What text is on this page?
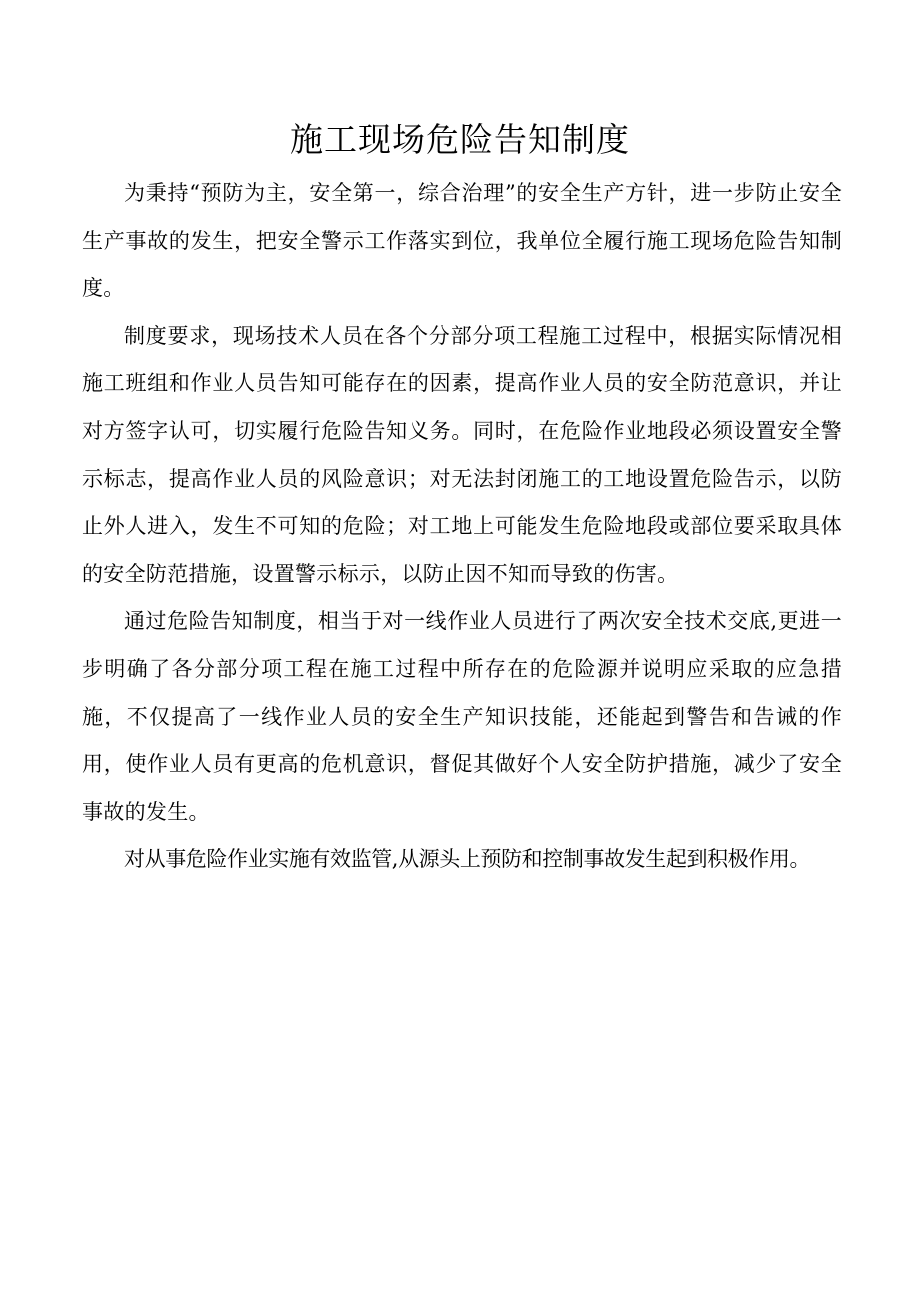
施工现场危险告知制度

为秉持“预防为主，安全第一，综合治理”的安全生产方针，进一步防止安全生产事故的发生，把安全警示工作落实到位，我单位全履行施工现场危险告知制度。

制度要求，现场技术人员在各个分部分项工程施工过程中，根据实际情况相施工班组和作业人员告知可能存在的因素，提高作业人员的安全防范意识，并让对方签字认可，切实履行危险告知义务。同时，在危险作业地段必须设置安全警示标志，提高作业人员的风险意识；对无法封闭施工的工地设置危险告示，以防止外人进入，发生不可知的危险；对工地上可能发生危险地段或部位要采取具体的安全防范措施，设置警示标示，以防止因不知而导致的伤害。

通过危险告知制度，相当于对一线作业人员进行了两次安全技术交底,更进一步明确了各分部分项工程在施工过程中所存在的危险源并说明应采取的应急措施，不仅提高了一线作业人员的安全生产知识技能，还能起到警告和告诫的作用，使作业人员有更高的危机意识，督促其做好个人安全防护措施，减少了安全事故的发生。

对从事危险作业实施有效监管,从源头上预防和控制事故发生起到积极作用。
